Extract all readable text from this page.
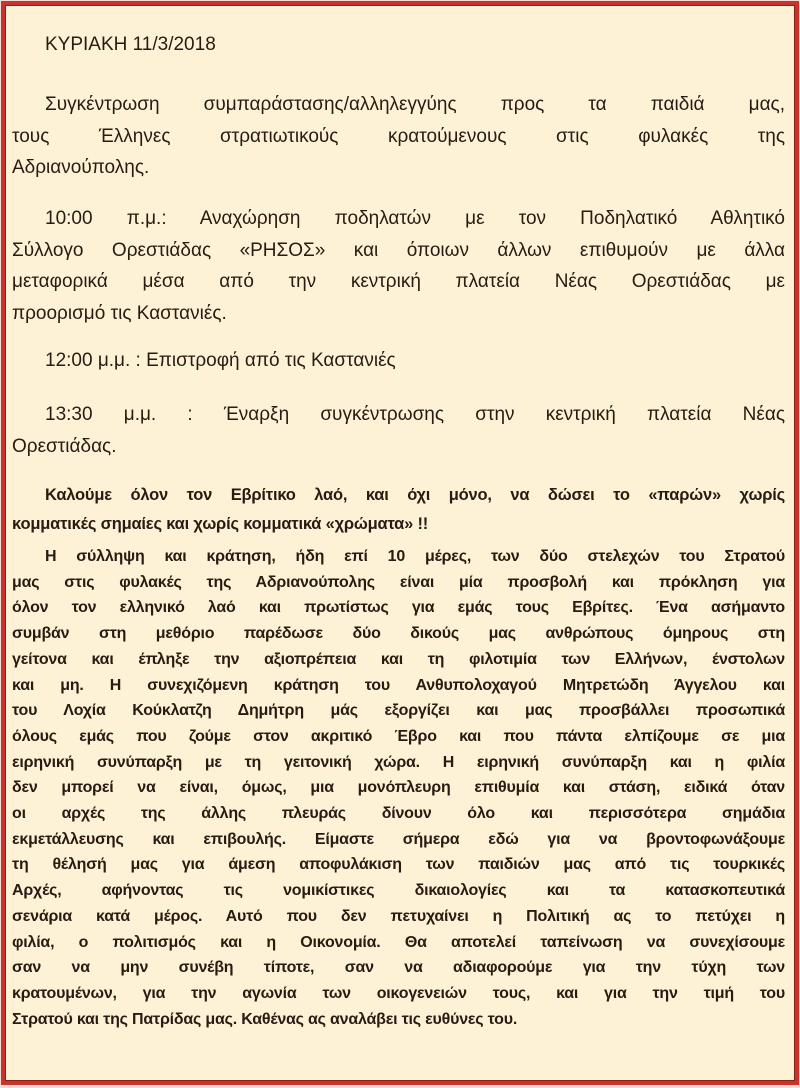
ΚΥΡΙΑΚΗ 11/3/2018
Συγκέντρωση συμπαράστασης/αλληλεγγύης προς τα παιδιά μας,
τους Έλληνες στρατιωτικούς κρατούμενους στις φυλακές της
Αδριανούπολης.
10:00 π.μ.: Αναχώρηση ποδηλατών με τον Ποδηλατικό Αθλητικό
Σύλλογο Ορεστιάδας «ΡΗΣΟΣ» και όποιων άλλων επιθυμούν με άλλα
μεταφορικά μέσα από την κεντρική πλατεία Νέας Ορεστιάδας με
προορισμό τις Καστανιές.
12:00 μ.μ. : Επιστροφή από τις Καστανιές
13:30 μ.μ. : Έναρξη συγκέντρωσης στην κεντρική πλατεία Νέας
Ορεστιάδας.
Καλούμε όλον τον Εβρίτικο λαό, και όχι μόνο, να δώσει το «παρών» χωρίς
κομματικές σημαίες και χωρίς κομματικά «χρώματα» !!
Η σύλληψη και κράτηση, ήδη επί 10 μέρες, των δύο στελεχών του Στρατού
μας στις φυλακές της Αδριανούπολης είναι μία προσβολή και πρόκληση για
όλον τον ελληνικό λαό και πρωτίστως για εμάς τους Εβρίτες. Ένα ασήμαντο
συμβάν στη μεθόριο παρέδωσε δύο δικούς μας ανθρώπους όμηρους στη
γείτονα και έπληξε την αξιοπρέπεια και τη φιλοτιμία των Ελλήνων, ένστολων
και μη. Η συνεχιζόμενη κράτηση του Ανθυπολοχαγού Μητρετώδη Άγγελου και
του Λοχία Κούκλατζη Δημήτρη μάς εξοργίζει και μας προσβάλλει προσωπικά
όλους εμάς που ζούμε στον ακριτικό Έβρο και που πάντα ελπίζουμε σε μια
ειρηνική συνύπαρξη με τη γειτονική χώρα. Η ειρηνική συνύπαρξη και η φιλία
δεν μπορεί να είναι, όμως, μια μονόπλευρη επιθυμία και στάση, ειδικά όταν
οι αρχές της άλλης πλευράς δίνουν όλο και περισσότερα σημάδια
εκμετάλλευσης και επιβουλής. Είμαστε σήμερα εδώ για να βροντοφωνάξουμε
τη θέλησή μας για άμεση αποφυλάκιση των παιδιών μας από τις τουρκικές
Αρχές, αφήνοντας τις νομικίστικες δικαιολογίες και τα κατασκοπευτικά
σενάρια κατά μέρος. Αυτό που δεν πετυχαίνει η Πολιτική ας το πετύχει η
φιλία, ο πολιτισμός και η Οικονομία. Θα αποτελεί ταπείνωση να συνεχίσουμε
σαν να μην συνέβη τίποτε, σαν να αδιαφορούμε για την τύχη των
κρατουμένων, για την αγωνία των οικογενειών τους, και για την τιμή του
Στρατού και της Πατρίδας μας. Καθένας ας αναλάβει τις ευθύνες του.
